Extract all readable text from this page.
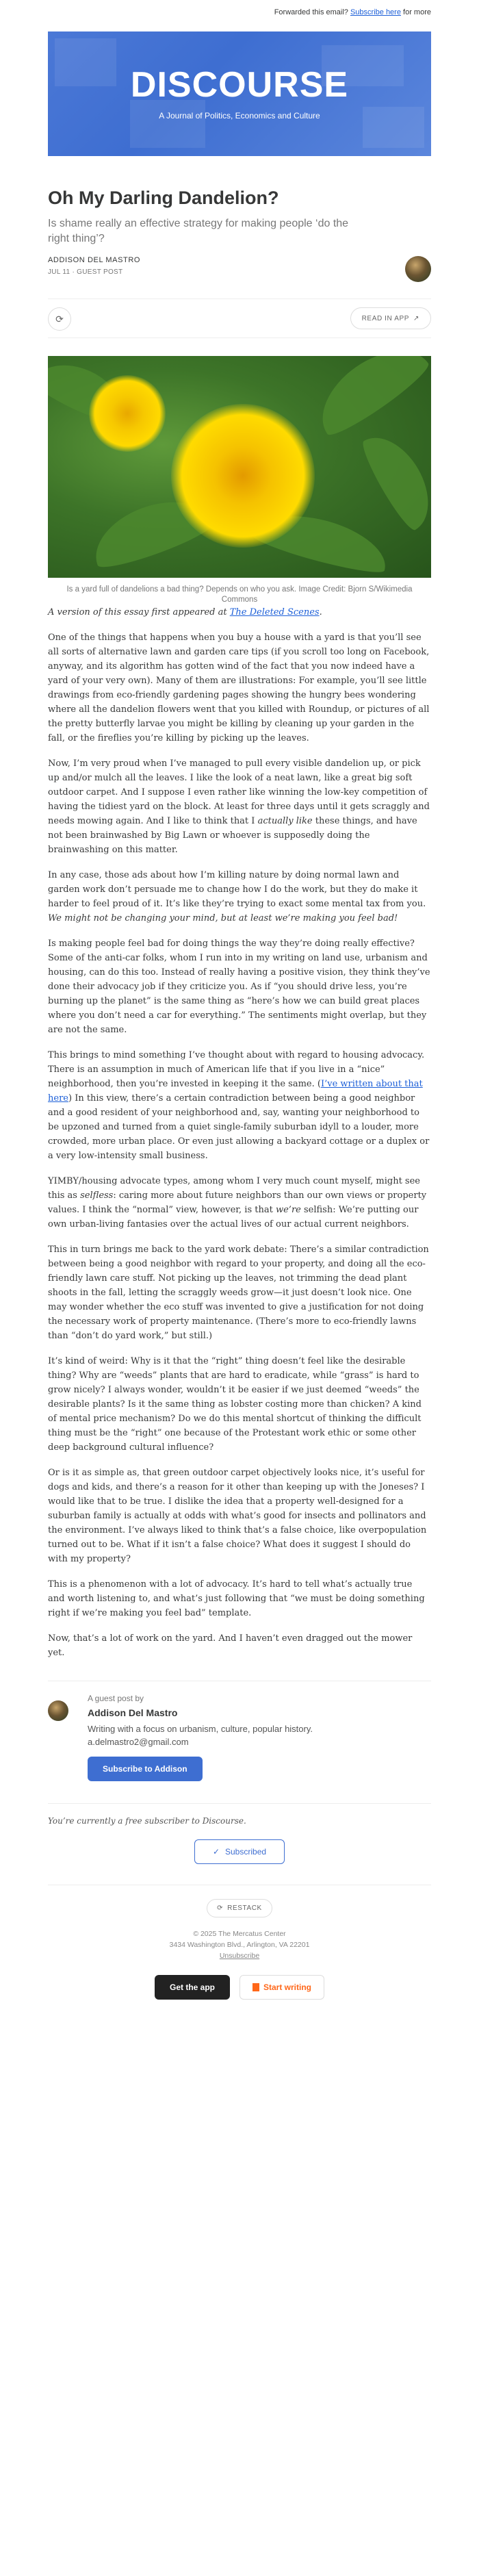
Forwarded this email? Subscribe here for more
DISCOURSE
A Journal of Politics, Economics and Culture
Oh My Darling Dandelion?
Is shame really an effective strategy for making people ‘do the right thing’?
ADDISON DEL MASTRO
JUL 11 · GUEST POST
⟳	READ IN APP ↗
Is a yard full of dandelions a bad thing? Depends on who you ask. Image Credit: Bjorn S/Wikimedia Commons

A version of this essay first appeared at The Deleted Scenes.

One of the things that happens when you buy a house with a yard is that you’ll see all sorts of alternative lawn and garden care tips (if you scroll too long on Facebook, anyway, and its algorithm has gotten wind of the fact that you now indeed have a yard of your very own). Many of them are illustrations: For example, you’ll see little drawings from eco-friendly gardening pages showing the hungry bees wondering where all the dandelion flowers went that you killed with Roundup, or pictures of all the pretty butterfly larvae you might be killing by cleaning up your garden in the fall, or the fireflies you’re killing by picking up the leaves.

Now, I’m very proud when I’ve managed to pull every visible dandelion up, or pick up and/or mulch all the leaves. I like the look of a neat lawn, like a great big soft outdoor carpet. And I suppose I even rather like winning the low-key competition of having the tidiest yard on the block. At least for three days until it gets scraggly and needs mowing again. And I like to think that I actually like these things, and have not been brainwashed by Big Lawn or whoever is supposedly doing the brainwashing on this matter.

In any case, those ads about how I’m killing nature by doing normal lawn and garden work don’t persuade me to change how I do the work, but they do make it harder to feel proud of it. It’s like they’re trying to exact some mental tax from you. We might not be changing your mind, but at least we’re making you feel bad!

Is making people feel bad for doing things the way they’re doing really effective? Some of the anti-car folks, whom I run into in my writing on land use, urbanism and housing, can do this too. Instead of really having a positive vision, they think they’ve done their advocacy job if they criticize you. As if “you should drive less, you’re burning up the planet” is the same thing as “here’s how we can build great places where you don’t need a car for everything.” The sentiments might overlap, but they are not the same.

This brings to mind something I’ve thought about with regard to housing advocacy. There is an assumption in much of American life that if you live in a “nice” neighborhood, then you’re invested in keeping it the same. (I’ve written about that here) In this view, there’s a certain contradiction between being a good neighbor and a good resident of your neighborhood and, say, wanting your neighborhood to be upzoned and turned from a quiet single-family suburban idyll to a louder, more crowded, more urban place. Or even just allowing a backyard cottage or a duplex or a very low-intensity small business.

YIMBY/housing advocate types, among whom I very much count myself, might see this as selfless: caring more about future neighbors than our own views or property values. I think the “normal” view, however, is that we’re selfish: We’re putting our own urban-living fantasies over the actual lives of our actual current neighbors.

This in turn brings me back to the yard work debate: There’s a similar contradiction between being a good neighbor with regard to your property, and doing all the eco-friendly lawn care stuff. Not picking up the leaves, not trimming the dead plant shoots in the fall, letting the scraggly weeds grow—it just doesn’t look nice. One may wonder whether the eco stuff was invented to give a justification for not doing the necessary work of property maintenance. (There’s more to eco-friendly lawns than “don’t do yard work,” but still.)

It’s kind of weird: Why is it that the “right” thing doesn’t feel like the desirable thing? Why are “weeds” plants that are hard to eradicate, while “grass” is hard to grow nicely? I always wonder, wouldn’t it be easier if we just deemed “weeds” the desirable plants? Is it the same thing as lobster costing more than chicken? A kind of mental price mechanism? Do we do this mental shortcut of thinking the difficult thing must be the “right” one because of the Protestant work ethic or some other deep background cultural influence?

Or is it as simple as, that green outdoor carpet objectively looks nice, it’s useful for dogs and kids, and there’s a reason for it other than keeping up with the Joneses? I would like that to be true. I dislike the idea that a property well-designed for a suburban family is actually at odds with what’s good for insects and pollinators and the environment. I’ve always liked to think that’s a false choice, like overpopulation turned out to be. What if it isn’t a false choice? What does it suggest I should do with my property?

This is a phenomenon with a lot of advocacy. It’s hard to tell what’s actually true and worth listening to, and what’s just following that “we must be doing something right if we’re making you feel bad” template.

Now, that’s a lot of work on the yard. And I haven’t even dragged out the mower yet.

A guest post by
Addison Del Mastro
Writing with a focus on urbanism, culture, popular history. a.delmastro2@gmail.com
Subscribe to Addison
You’re currently a free subscriber to Discourse.
✓ Subscribed
⟳ RESTACK
© 2025 The Mercatus Center
3434 Washington Blvd., Arlington, VA 22201
Unsubscribe
Get the app	Start writing
